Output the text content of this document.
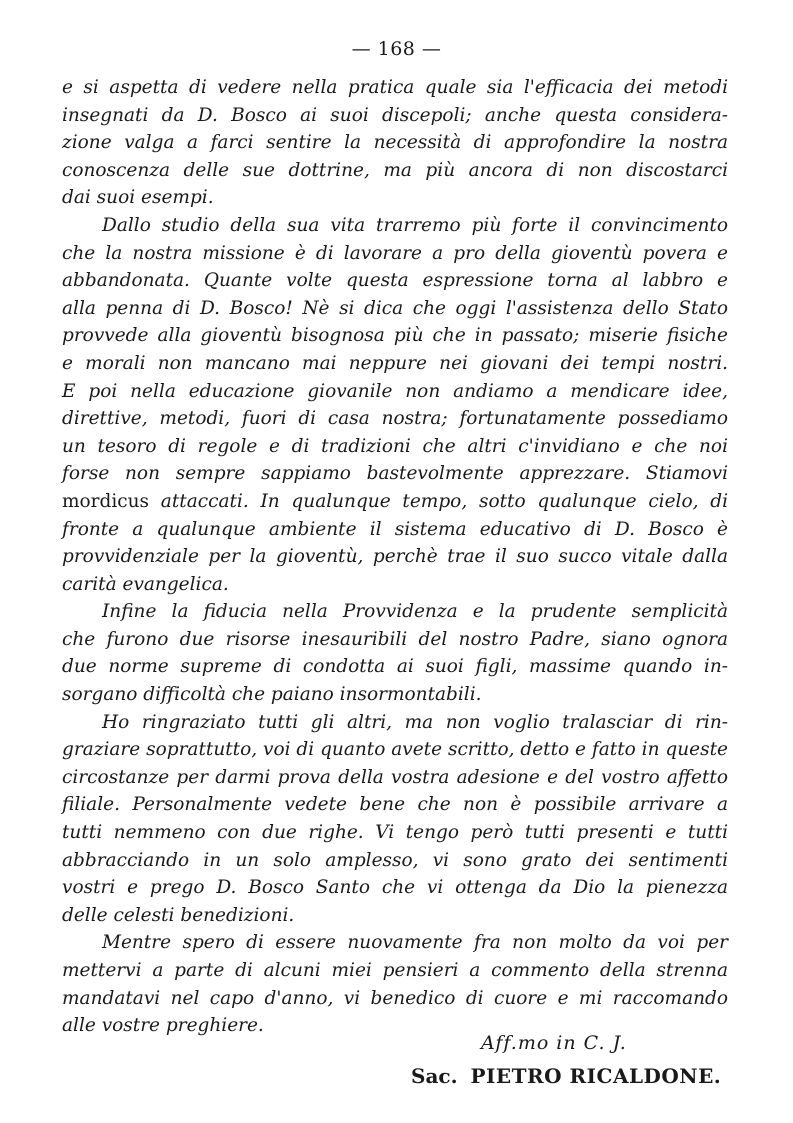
— 168 —
e si aspetta di vedere nella pratica quale sia l'efficacia dei metodi
insegnati da D. Bosco ai suoi discepoli; anche questa considera-
zione valga a farci sentire la necessità di approfondire la nostra
conoscenza delle sue dottrine, ma più ancora di non discostarci
dai suoi esempi.
Dallo studio della sua vita trarremo più forte il convincimento
che la nostra missione è di lavorare a pro della gioventù povera e
abbandonata. Quante volte questa espressione torna al labbro e
alla penna di D. Bosco! Nè si dica che oggi l'assistenza dello Stato
provvede alla gioventù bisognosa più che in passato; miserie fisiche
e morali non mancano mai neppure nei giovani dei tempi nostri.
E poi nella educazione giovanile non andiamo a mendicare idee,
direttive, metodi, fuori di casa nostra; fortunatamente possediamo
un tesoro di regole e di tradizioni che altri c'invidiano e che noi
forse non sempre sappiamo bastevolmente apprezzare. Stiamovi
mordicus attaccati. In qualunque tempo, sotto qualunque cielo, di
fronte a qualunque ambiente il sistema educativo di D. Bosco è
provvidenziale per la gioventù, perchè trae il suo succo vitale dalla
carità evangelica.
Infine la fiducia nella Provvidenza e la prudente semplicità
che furono due risorse inesauribili del nostro Padre, siano ognora
due norme supreme di condotta ai suoi figli, massime quando in-
sorgano difficoltà che paiano insormontabili.
Ho ringraziato tutti gli altri, ma non voglio tralasciar di rin-
graziare soprattutto, voi di quanto avete scritto, detto e fatto in queste
circostanze per darmi prova della vostra adesione e del vostro affetto
filiale. Personalmente vedete bene che non è possibile arrivare a
tutti nemmeno con due righe. Vi tengo però tutti presenti e tutti
abbracciando in un solo amplesso, vi sono grato dei sentimenti
vostri e prego D. Bosco Santo che vi ottenga da Dio la pienezza
delle celesti benedizioni.
Mentre spero di essere nuovamente fra non molto da voi per
mettervi a parte di alcuni miei pensieri a commento della strenna
mandatavi nel capo d'anno, vi benedico di cuore e mi raccomando
alle vostre preghiere.
Aff.mo in C. J.
Sac. PIETRO RICALDONE.
